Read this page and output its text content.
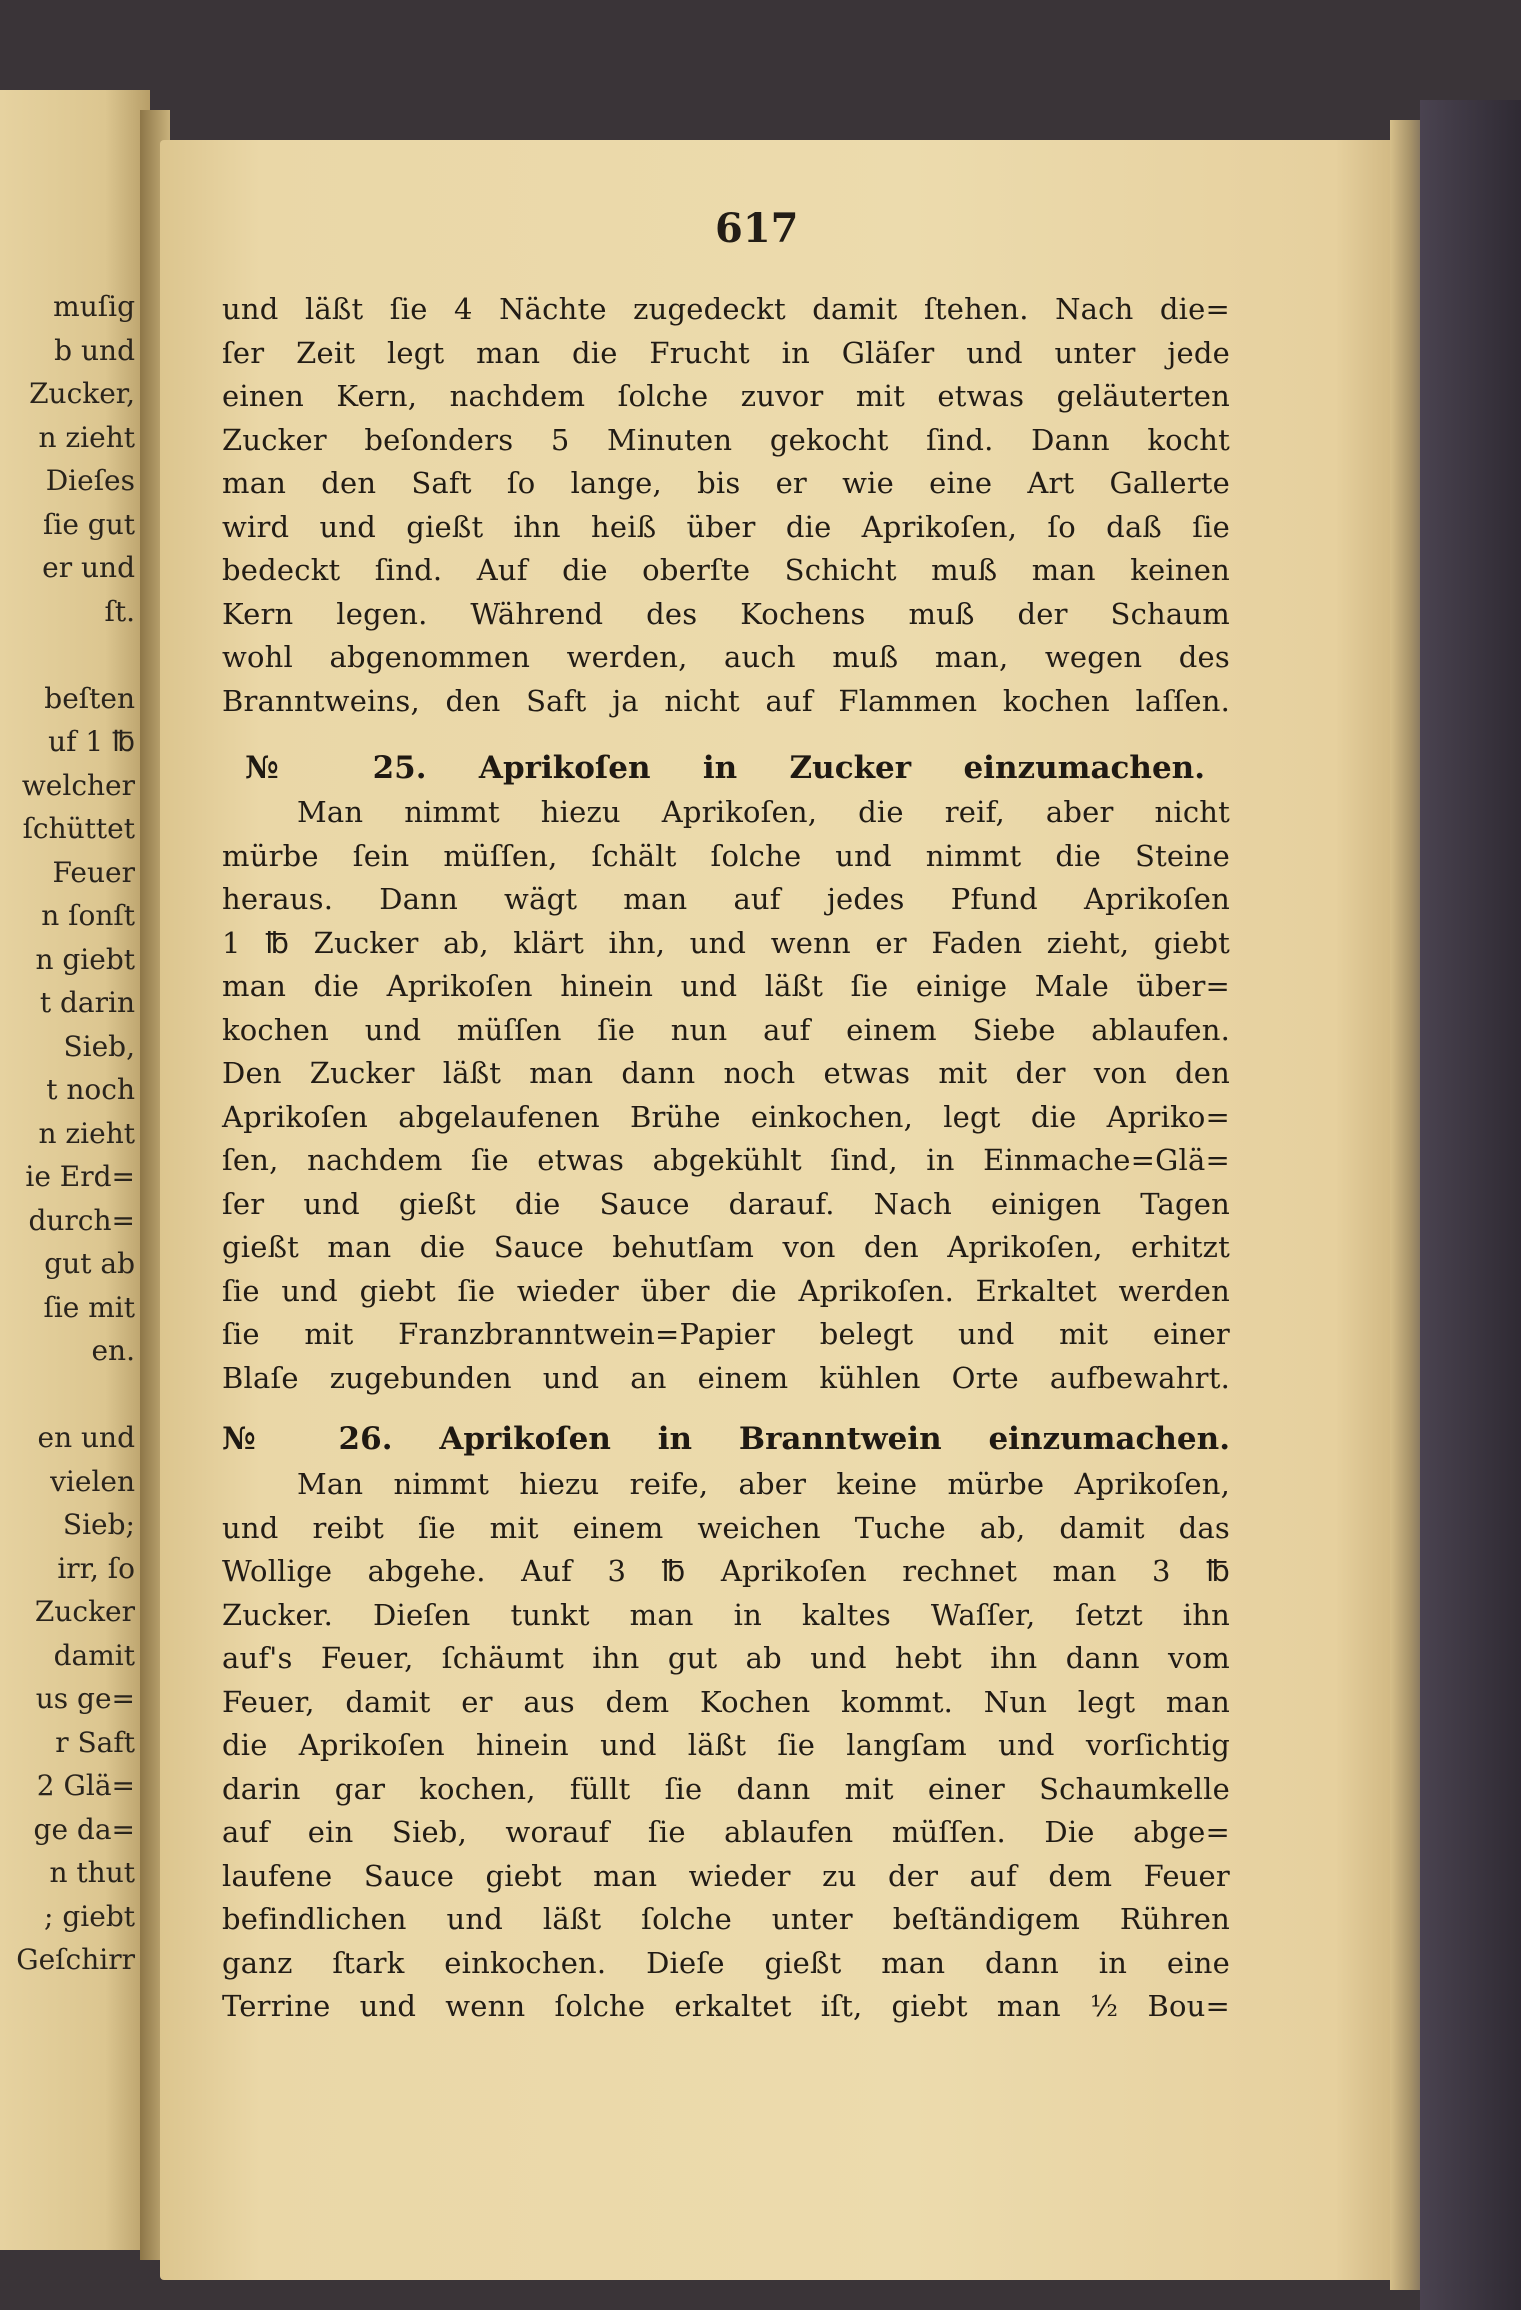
muſig
b und
Zucker,
n zieht
Dieſes
ſie gut
er und
ſt.
beſten
uf 1 ℔
welcher
ſchüttet
Feuer
n ſonſt
n giebt
t darin
Sieb,
t noch
n zieht
ie Erd=
durch=
gut ab
ſie mit
en.
en und
vielen
Sieb;
irr, ſo
Zucker
damit
us ge=
r Saft
2 Glä=
ge da=
n thut
; giebt
Geſchirr
617
und läßt ſie 4 Nächte zugedeckt damit ſtehen. Nach die=
ſer Zeit legt man die Frucht in Gläſer und unter jede
einen Kern, nachdem ſolche zuvor mit etwas geläuterten
Zucker beſonders 5 Minuten gekocht ſind. Dann kocht
man den Saft ſo lange, bis er wie eine Art Gallerte
wird und gießt ihn heiß über die Aprikoſen, ſo daß ſie
bedeckt ſind. Auf die oberſte Schicht muß man keinen
Kern legen. Während des Kochens muß der Schaum
wohl abgenommen werden, auch muß man, wegen des
Branntweins, den Saft ja nicht auf Flammen kochen laſſen.
Man nimmt hiezu Aprikoſen, die reif, aber nicht
mürbe ſein müſſen, ſchält ſolche und nimmt die Steine
heraus. Dann wägt man auf jedes Pfund Aprikoſen
1 ℔ Zucker ab, klärt ihn, und wenn er Faden zieht, giebt
man die Aprikoſen hinein und läßt ſie einige Male über=
kochen und müſſen ſie nun auf einem Siebe ablaufen.
Den Zucker läßt man dann noch etwas mit der von den
Aprikoſen abgelaufenen Brühe einkochen, legt die Apriko=
ſen, nachdem ſie etwas abgekühlt ſind, in Einmache=Glä=
ſer und gießt die Sauce darauf. Nach einigen Tagen
gießt man die Sauce behutſam von den Aprikoſen, erhitzt
ſie und giebt ſie wieder über die Aprikoſen. Erkaltet werden
ſie mit Franzbranntwein=Papier belegt und mit einer
Blaſe zugebunden und an einem kühlen Orte aufbewahrt.
Man nimmt hiezu reife, aber keine mürbe Aprikoſen,
und reibt ſie mit einem weichen Tuche ab, damit das
Wollige abgehe. Auf 3 ℔ Aprikoſen rechnet man 3 ℔
Zucker. Dieſen tunkt man in kaltes Waſſer, ſetzt ihn
auf's Feuer, ſchäumt ihn gut ab und hebt ihn dann vom
Feuer, damit er aus dem Kochen kommt. Nun legt man
die Aprikoſen hinein und läßt ſie langſam und vorſichtig
darin gar kochen, füllt ſie dann mit einer Schaumkelle
auf ein Sieb, worauf ſie ablaufen müſſen. Die abge=
laufene Sauce giebt man wieder zu der auf dem Feuer
befindlichen und läßt ſolche unter beſtändigem Rühren
ganz ſtark einkochen. Dieſe gießt man dann in eine
Terrine und wenn ſolche erkaltet iſt, giebt man ½ Bou=
№ 25. Aprikoſen in Zucker einzumachen.
№ 26. Aprikoſen in Branntwein einzumachen.
